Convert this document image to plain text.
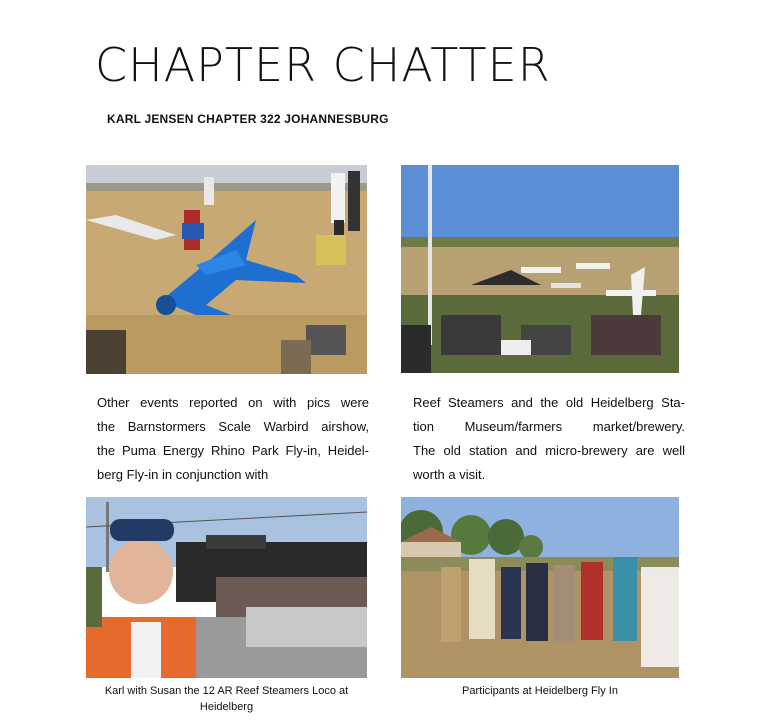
CHAPTER CHATTER
KARL JENSEN CHAPTER 322 JOHANNESBURG
Other events reported on with pics were
the Barnstormers Scale Warbird airshow,
the Puma Energy Rhino Park Fly-in, Heidel-
berg Fly-in in conjunction with
Reef Steamers and the old Heidelberg Sta-
tion Museum/farmers market/brewery.
The old station and micro-brewery are well
worth a visit.
Karl with Susan the 12 AR Reef Steamers Loco at
Heidelberg
Participants at Heidelberg Fly In
